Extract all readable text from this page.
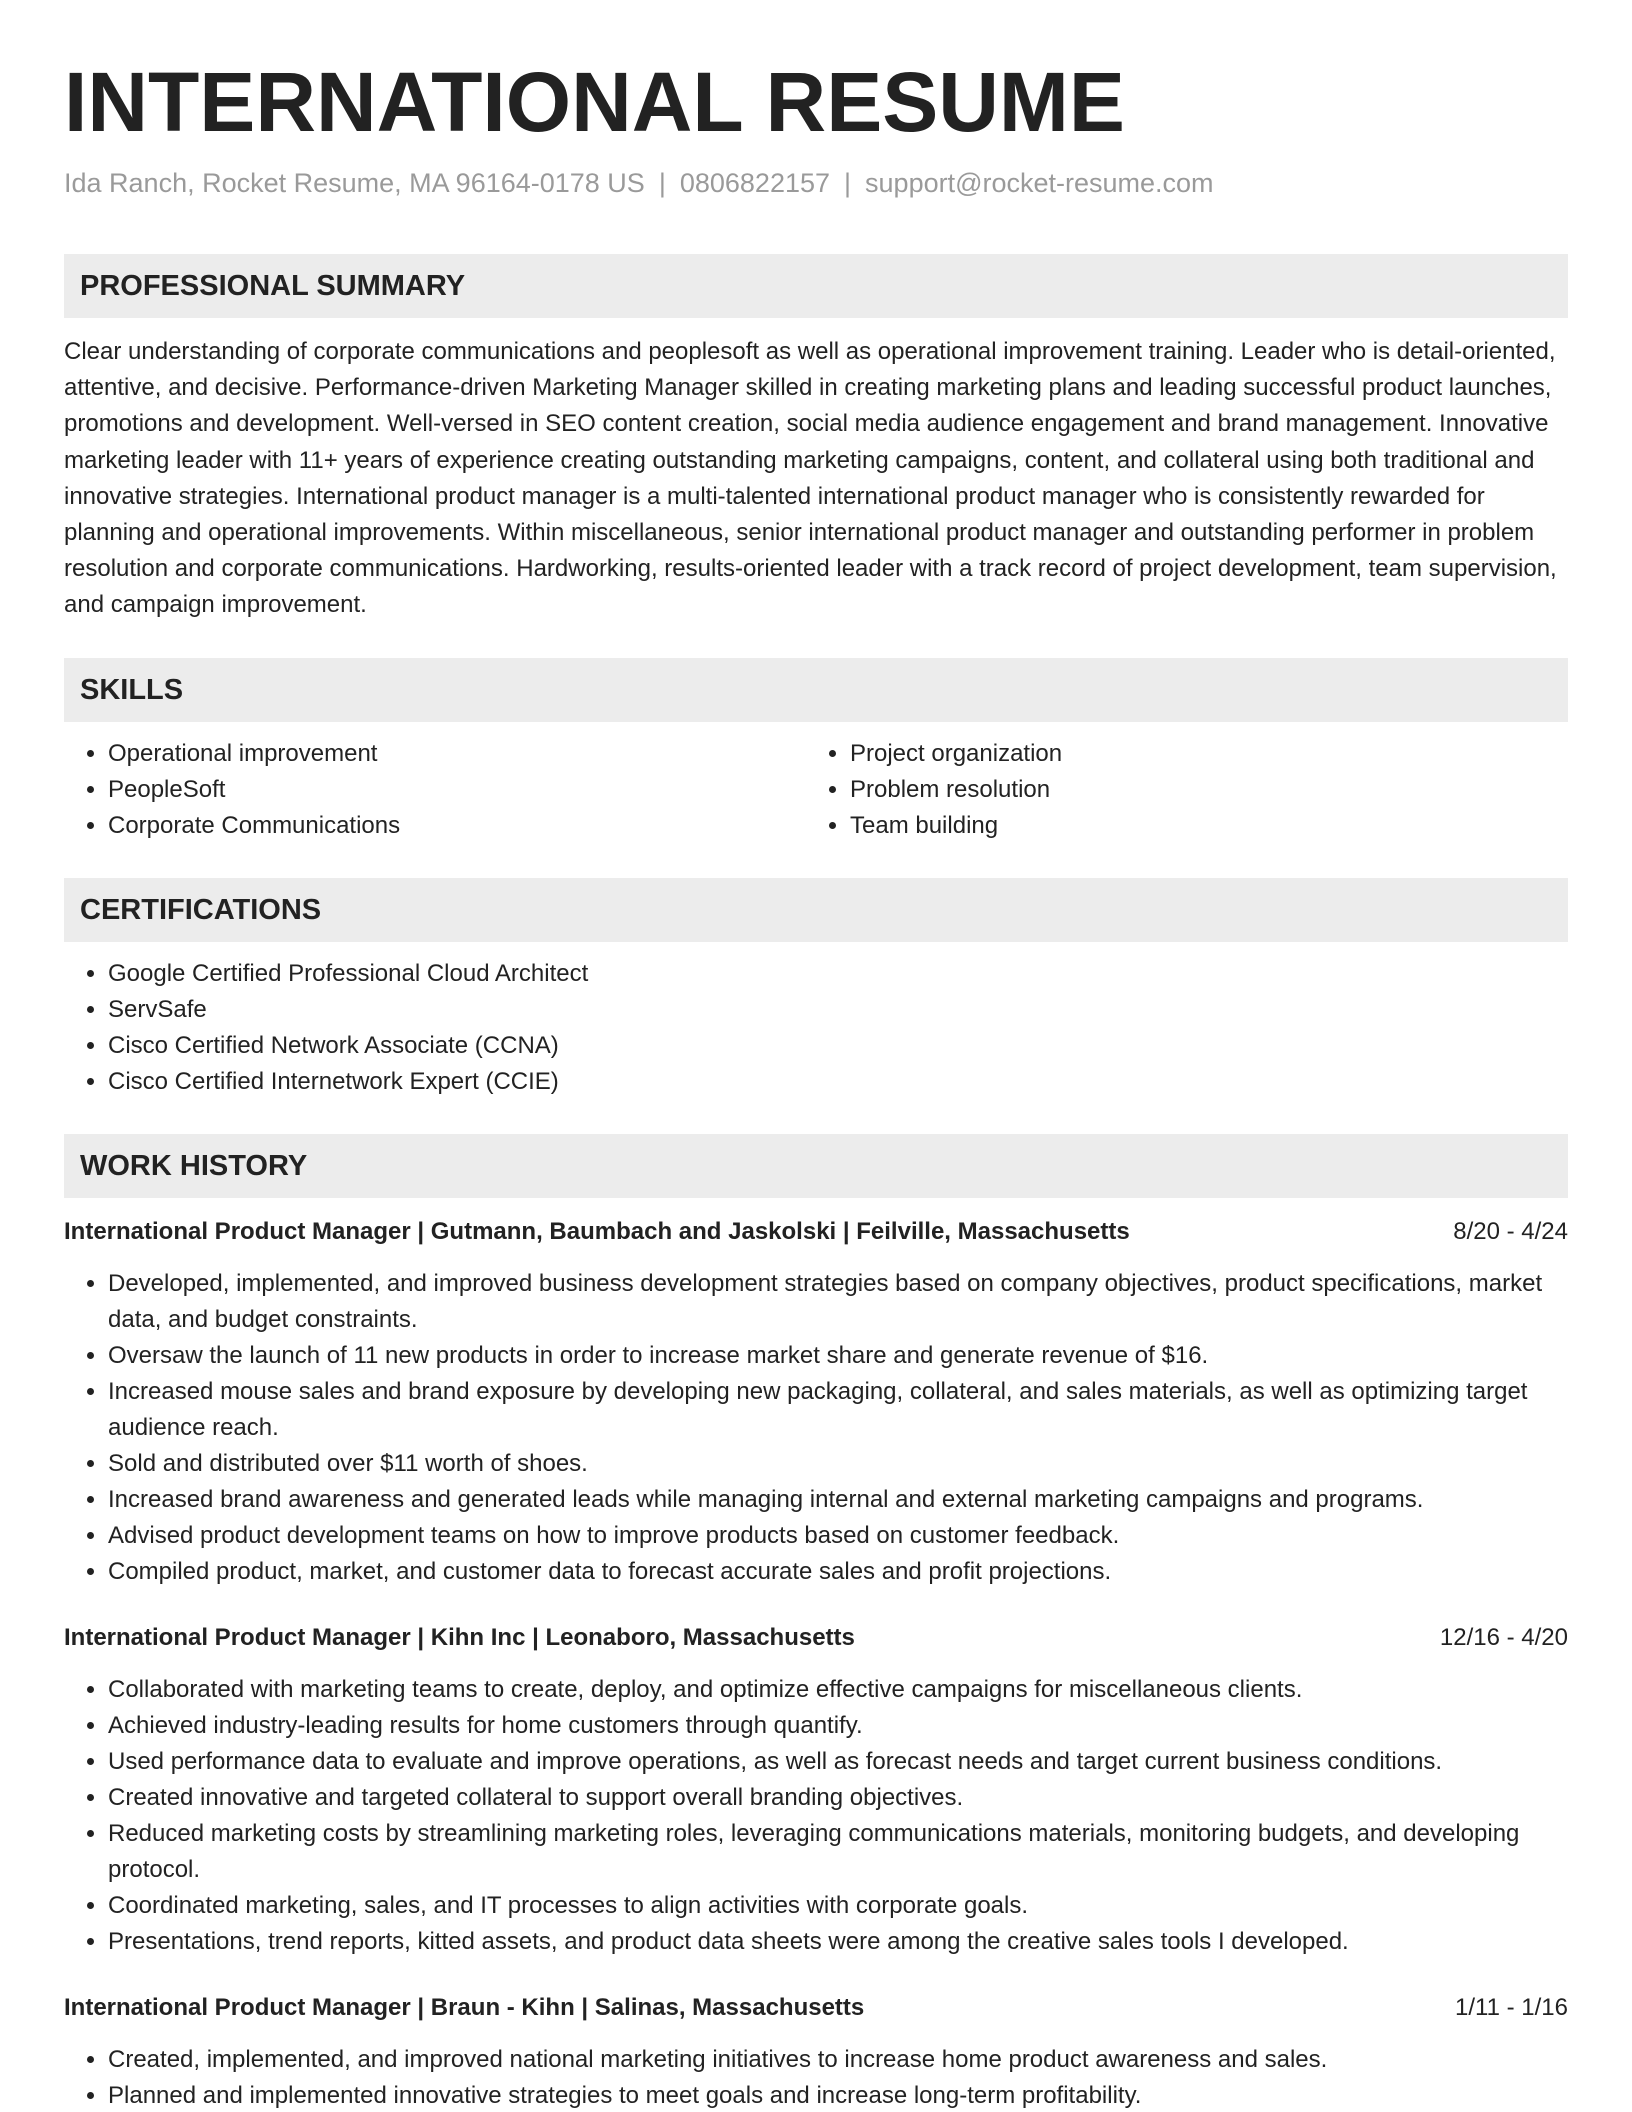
INTERNATIONAL RESUME
Ida Ranch, Rocket Resume, MA 96164-0178 US | 0806822157 | support@rocket-resume.com
PROFESSIONAL SUMMARY

Clear understanding of corporate communications and peoplesoft as well as operational improvement training. Leader who is detail-oriented, attentive, and decisive. Performance-driven Marketing Manager skilled in creating marketing plans and leading successful product launches, promotions and development. Well-versed in SEO content creation, social media audience engagement and brand management. Innovative marketing leader with 11+ years of experience creating outstanding marketing campaigns, content, and collateral using both traditional and innovative strategies. International product manager is a multi-talented international product manager who is consistently rewarded for planning and operational improvements. Within miscellaneous, senior international product manager and outstanding performer in problem resolution and corporate communications. Hardworking, results-oriented leader with a track record of project development, team supervision, and campaign improvement.

SKILLS
• Operational improvement
• PeopleSoft
• Corporate Communications
• Project organization
• Problem resolution
• Team building
CERTIFICATIONS
• Google Certified Professional Cloud Architect
• ServSafe
• Cisco Certified Network Associate (CCNA)
• Cisco Certified Internetwork Expert (CCIE)
WORK HISTORY
International Product Manager | Gutmann, Baumbach and Jaskolski | Feilville, Massachusetts	8/20 - 4/24
• Developed, implemented, and improved business development strategies based on company objectives, product specifications, market data, and budget constraints.
• Oversaw the launch of 11 new products in order to increase market share and generate revenue of $16.
• Increased mouse sales and brand exposure by developing new packaging, collateral, and sales materials, as well as optimizing target audience reach.
• Sold and distributed over $11 worth of shoes.
• Increased brand awareness and generated leads while managing internal and external marketing campaigns and programs.
• Advised product development teams on how to improve products based on customer feedback.
• Compiled product, market, and customer data to forecast accurate sales and profit projections.
International Product Manager | Kihn Inc | Leonaboro, Massachusetts	12/16 - 4/20
• Collaborated with marketing teams to create, deploy, and optimize effective campaigns for miscellaneous clients.
• Achieved industry-leading results for home customers through quantify.
• Used performance data to evaluate and improve operations, as well as forecast needs and target current business conditions.
• Created innovative and targeted collateral to support overall branding objectives.
• Reduced marketing costs by streamlining marketing roles, leveraging communications materials, monitoring budgets, and developing protocol.
• Coordinated marketing, sales, and IT processes to align activities with corporate goals.
• Presentations, trend reports, kitted assets, and product data sheets were among the creative sales tools I developed.
International Product Manager | Braun - Kihn | Salinas, Massachusetts	1/11 - 1/16
• Created, implemented, and improved national marketing initiatives to increase home product awareness and sales.
• Planned and implemented innovative strategies to meet goals and increase long-term profitability.
